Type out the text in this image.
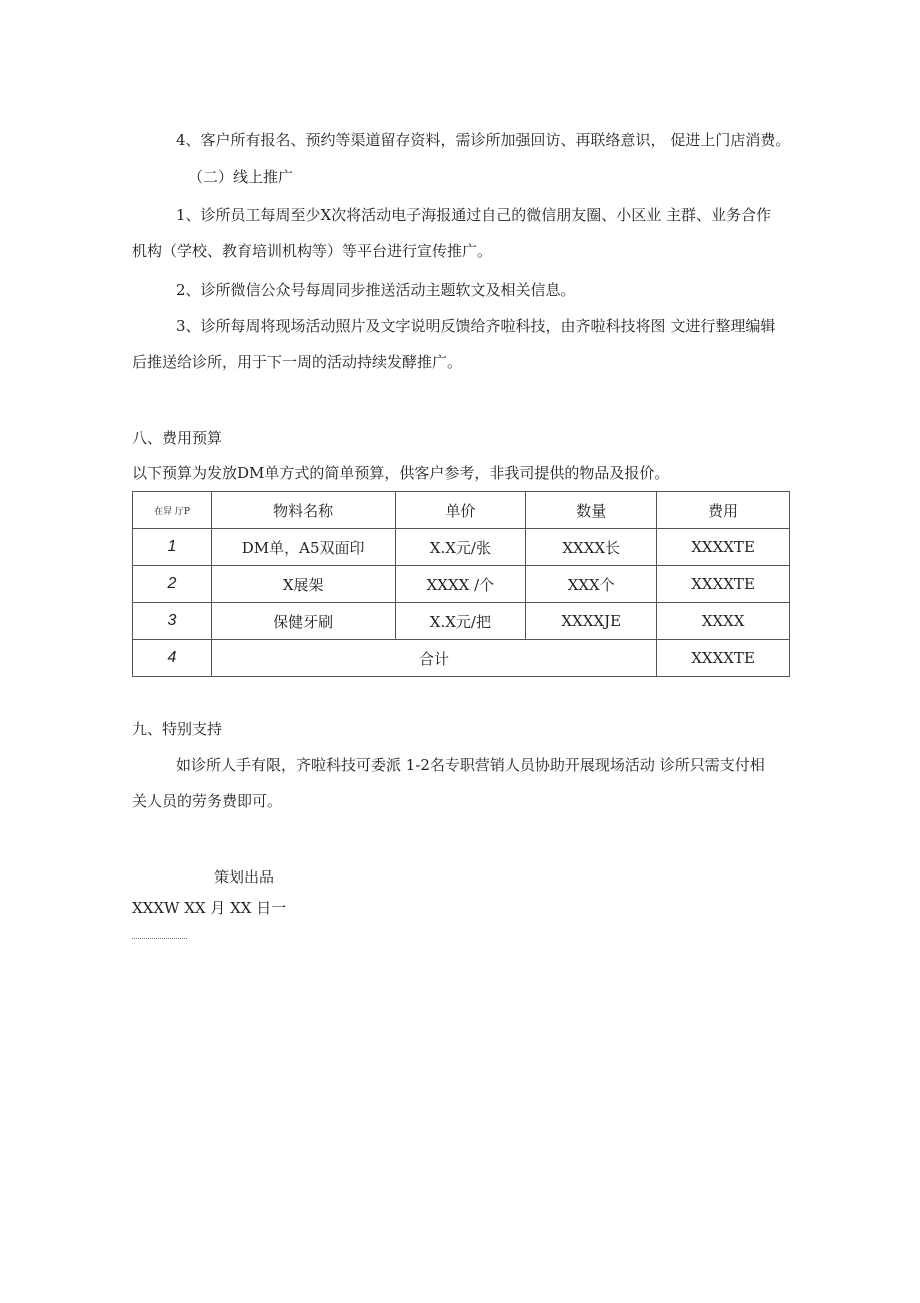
4、客户所有报名、预约等渠道留存资料，需诊所加强回访、再联络意识， 促进上门店消费。
（二）线上推广
1、诊所员工每周至少X次将活动电子海报通过自己的微信朋友圈、小区业 主群、业务合作
机构（学校、教育培训机构等）等平台进行宣传推广。
2、诊所微信公众号每周同步推送活动主题软文及相关信息。
3、诊所每周将现场活动照片及文字说明反馈给齐啦科技，由齐啦科技将图 文进行整理编辑
后推送给诊所，用于下一周的活动持续发酵推广。
八、费用预算
以下预算为发放DM单方式的简单预算，供客户参考，非我司提供的物品及报价。
在舁 厅P	物料名称	单价	数量	费用
1	DM单，A5双面印	X.X元/张	XXXX长	XXXXTE
2	X展架	XXXX /个	XXX个	XXXXTE
3	保健牙刷	X.X元/把	XXXXJE	XXXX
4	合计			XXXXTE
九、特别支持
如诊所人手有限，齐啦科技可委派 1-2名专职营销人员协助开展现场活动 诊所只需支付相
关人员的劳务费即可。
策划出品
XXXW XX 月 XX 日一
